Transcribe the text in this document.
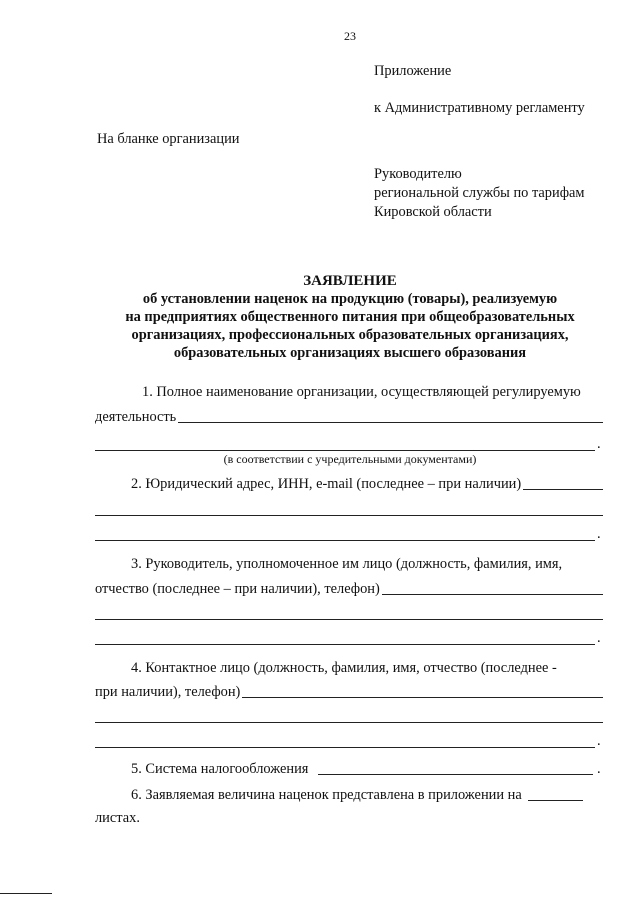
23
Приложение
к Административному регламенту
На бланке организации
Руководителю
региональной службы по тарифам
Кировской области
ЗАЯВЛЕНИЕ
об установлении наценок на продукцию (товары), реализуемую
на предприятиях общественного питания при общеобразовательных
организациях, профессиональных образовательных организациях,
образовательных организациях высшего образования
1. Полное наименование организации, осуществляющей регулируемую
деятельность
.
(в соответствии с учредительными документами)
2. Юридический адрес, ИНН, e-mail (последнее – при наличии)
.
3. Руководитель, уполномоченное им лицо (должность, фамилия, имя,
отчество (последнее – при наличии), телефон)
.
4. Контактное лицо (должность, фамилия, имя, отчество (последнее -
при наличии), телефон)
.
5. Система налогообложения	.
6. Заявляемая величина наценок представлена в приложении на
листах.
